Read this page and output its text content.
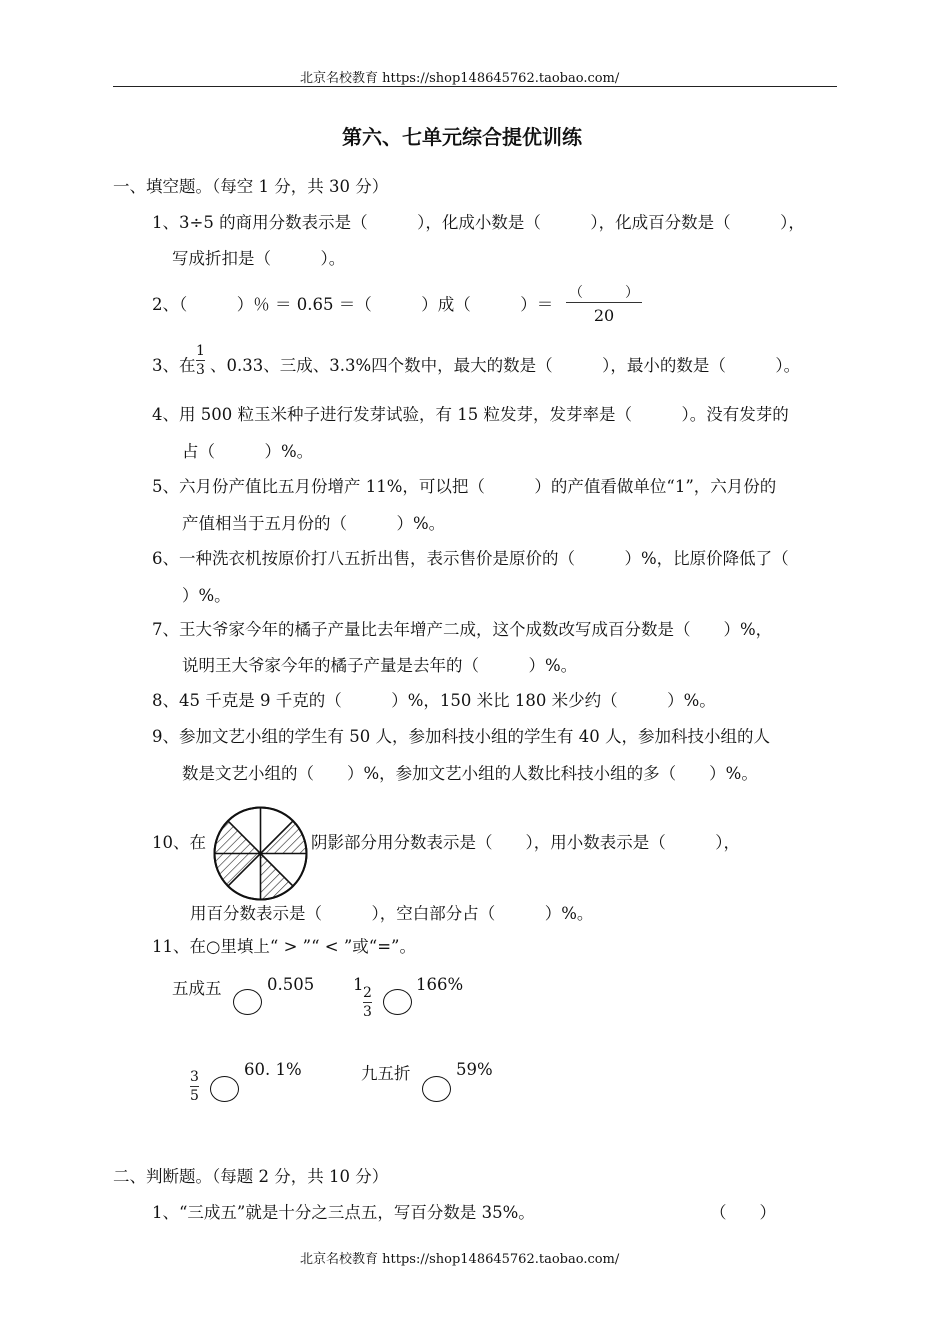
北京名校教育 https://shop148645762.taobao.com/
第六、七单元综合提优训练
一、填空题。（每空 1 分，共 30 分）
1、3÷5 的商用分数表示是（　　　），化成小数是（　　　），化成百分数是（　　　），
写成折扣是（　　　）。
2、（　　　）％ ＝ 0.65 ＝（　　　）成（　　　）＝
（　　　）
20
3、在
1
3 、0.33、三成、3.3%四个数中，最大的数是（　　　），最小的数是（　　　）。
4、用 500 粒玉米种子进行发芽试验，有 15 粒发芽，发芽率是（　　　）。没有发芽的
占（　　　）%。
5、六月份产值比五月份增产 11%，可以把（　　　）的产值看做单位“1”，六月份的
产值相当于五月份的（　　　）%。
6、一种洗衣机按原价打八五折出售，表示售价是原价的（　　　）%，比原价降低了（
）%。
7、王大爷家今年的橘子产量比去年增产二成，这个成数改写成百分数是（　　）%，
说明王大爷家今年的橘子产量是去年的（　　　）%。
8、45 千克是 9 千克的（　　　）%，150 米比 180 米少约（　　　）%。
9、参加文艺小组的学生有 50 人，参加科技小组的学生有 40 人，参加科技小组的人
数是文艺小组的（　　）%，参加文艺小组的人数比科技小组的多（　　）%。
10、在	阴影部分用分数表示是（　　），用小数表示是（　　　），
用百分数表示是（　　　），空白部分占（　　　）%。
11、在○里填上“ > ”“ < ”或“=”。
五成五	0.505 1 2
3
166%
3
5
60. 1%	九五折	59%
二、判断题。（每题 2 分，共 10 分）
1、“三成五”就是十分之三点五，写百分数是 35%。	（　　）
北京名校教育 https://shop148645762.taobao.com/
